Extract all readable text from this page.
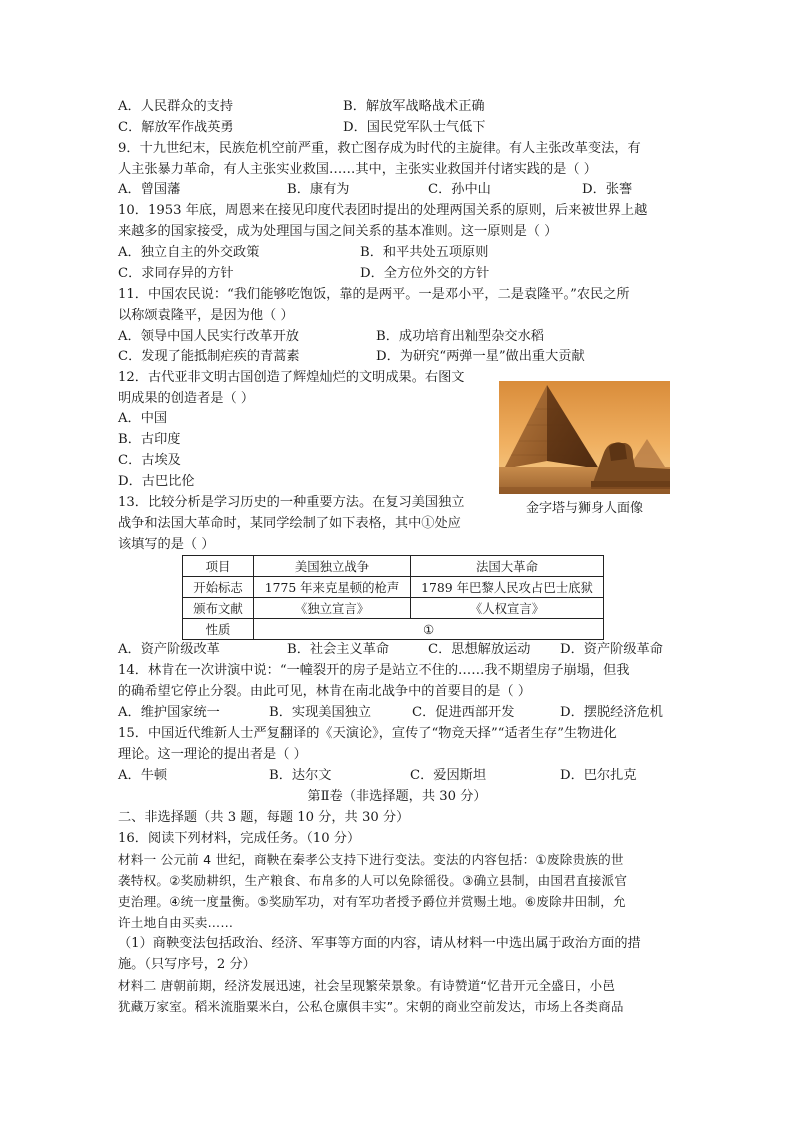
A．人民群众的支持	B．解放军战略战术正确
C．解放军作战英勇	D．国民党军队士气低下
9．十九世纪末，民族危机空前严重，救亡图存成为时代的主旋律。有人主张改革变法，有
人主张暴力革命，有人主张实业救国……其中，主张实业救国并付诸实践的是（ ）
A．曾国藩	B．康有为	C．孙中山	D．张謇
10．1953 年底，周恩来在接见印度代表团时提出的处理两国关系的原则，后来被世界上越
来越多的国家接受，成为处理国与国之间关系的基本准则。这一原则是（ ）
A．独立自主的外交政策	B．和平共处五项原则
C．求同存异的方针	D．全方位外交的方针
11．中国农民说：“我们能够吃饱饭，靠的是两平。一是邓小平，二是袁隆平。”农民之所
以称颂袁隆平，是因为他（ ）
A．领导中国人民实行改革开放	B．成功培育出籼型杂交水稻
C．发现了能抵制疟疾的青蒿素	D．为研究“两弹一星”做出重大贡献
12．古代亚非文明古国创造了辉煌灿烂的文明成果。右图文
明成果的创造者是（ ）
A．中国
B．古印度
C．古埃及
D．古巴比伦
金字塔与狮身人面像
13．比较分析是学习历史的一种重要方法。在复习美国独立
战争和法国大革命时，某同学绘制了如下表格，其中①处应
该填写的是（ ）
项目	美国独立战争	法国大革命
开始标志	1775 年来克星顿的枪声	1789 年巴黎人民攻占巴士底狱
颁布文献	《独立宣言》	《人权宣言》
性质	①	
A．资产阶级改革	B．社会主义革命	C．思想解放运动 D．资产阶级革命
14．林肯在一次讲演中说：“一幢裂开的房子是站立不住的……我不期望房子崩塌，但我
的确希望它停止分裂。由此可见，林肯在南北战争中的首要目的是（ ）
A．维护国家统一	B．实现美国独立	C．促进西部开发	D．摆脱经济危机
15．中国近代维新人士严复翻译的《天演论》，宣传了“物竞天择”“适者生存”生物进化
理论。这一理论的提出者是（ ）
A．牛顿	B．达尔文	C．爱因斯坦	D．巴尔扎克
第Ⅱ卷（非选择题，共 30 分）
二、非选择题（共 3 题，每题 10 分，共 30 分）
16．阅读下列材料，完成任务。（10 分）
材料一 公元前 4 世纪，商鞅在秦孝公支持下进行变法。变法的内容包括：①废除贵族的世
袭特权。②奖励耕织，生产粮食、布帛多的人可以免除徭役。③确立县制，由国君直接派官
吏治理。④统一度量衡。⑤奖励军功，对有军功者授予爵位并赏赐土地。⑥废除井田制，允
许土地自由买卖……
（1）商鞅变法包括政治、经济、军事等方面的内容，请从材料一中选出属于政治方面的措
施。（只写序号，2 分）
材料二 唐朝前期，经济发展迅速，社会呈现繁荣景象。有诗赞道“忆昔开元全盛日，小邑
犹藏万家室。稻米流脂粟米白，公私仓廪俱丰实”。宋朝的商业空前发达，市场上各类商品
